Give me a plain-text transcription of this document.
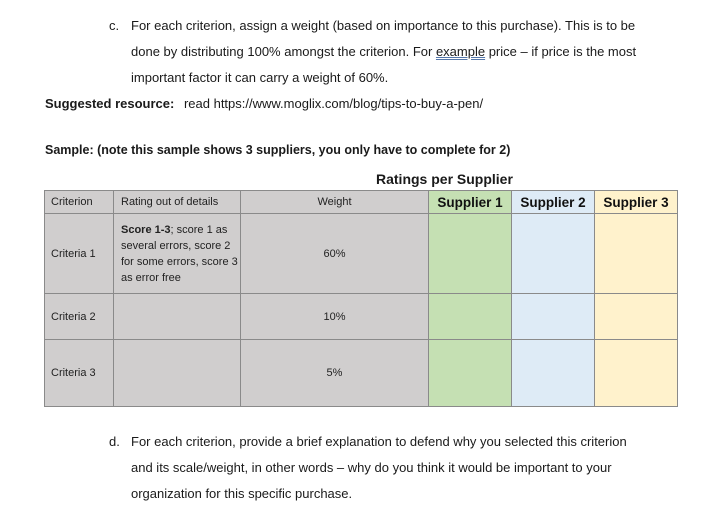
c. For each criterion, assign a weight (based on importance to this purchase). This is to be
done by distributing 100% amongst the criterion. For example price – if price is the most
important factor it can carry a weight of 60%.
Suggested resource: read https://www.moglix.com/blog/tips-to-buy-a-pen/
Sample: (note this sample shows 3 suppliers, you only have to complete for 2)
Ratings per Supplier
Criterion	Rating out of details	Weight	Supplier 1	Supplier 2	Supplier 3
Criteria 1	Score 1-3; score 1 as several errors, score 2 for some errors, score 3 as error free	60%			
Criteria 2		10%			
Criteria 3		5%			
d. For each criterion, provide a brief explanation to defend why you selected this criterion
and its scale/weight, in other words – why do you think it would be important to your
organization for this specific purchase.
